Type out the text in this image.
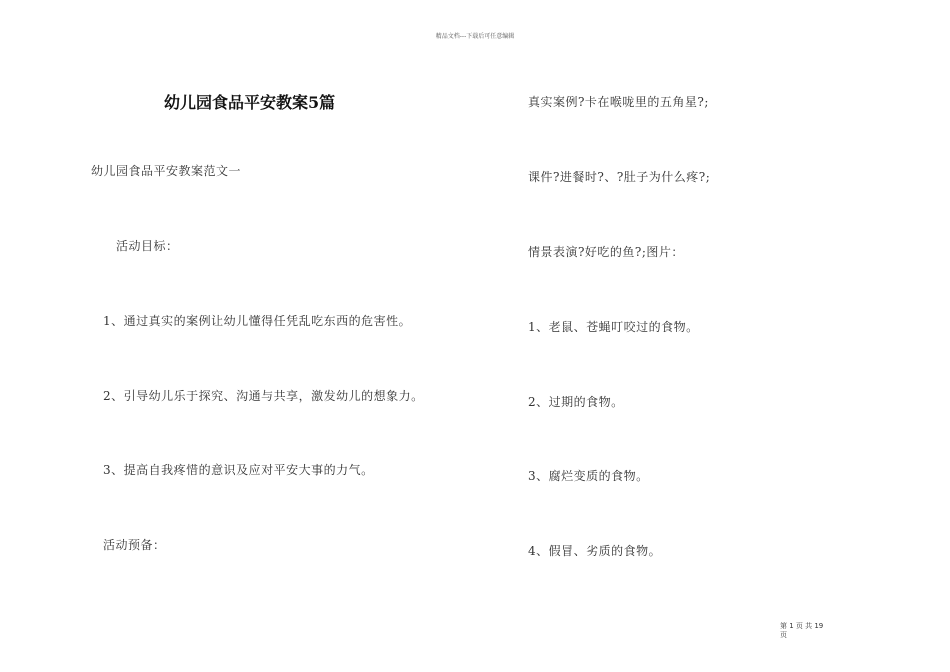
精品文档---下载后可任意编辑
幼儿园食品平安教案5篇
幼儿园食品平安教案范文一
活动目标：
1、通过真实的案例让幼儿懂得任凭乱吃东西的危害性。
2、引导幼儿乐于探究、沟通与共享，激发幼儿的想象力。
3、提高自我疼惜的意识及应对平安大事的力气。
活动预备：
真实案例?卡在喉咙里的五角星?;
课件?进餐时?、?肚子为什么疼?;
情景表演?好吃的鱼?;图片：
1、老鼠、苍蝇叮咬过的食物。
2、过期的食物。
3、腐烂变质的食物。
4、假冒、劣质的食物。
第 1 页 共 19 页
